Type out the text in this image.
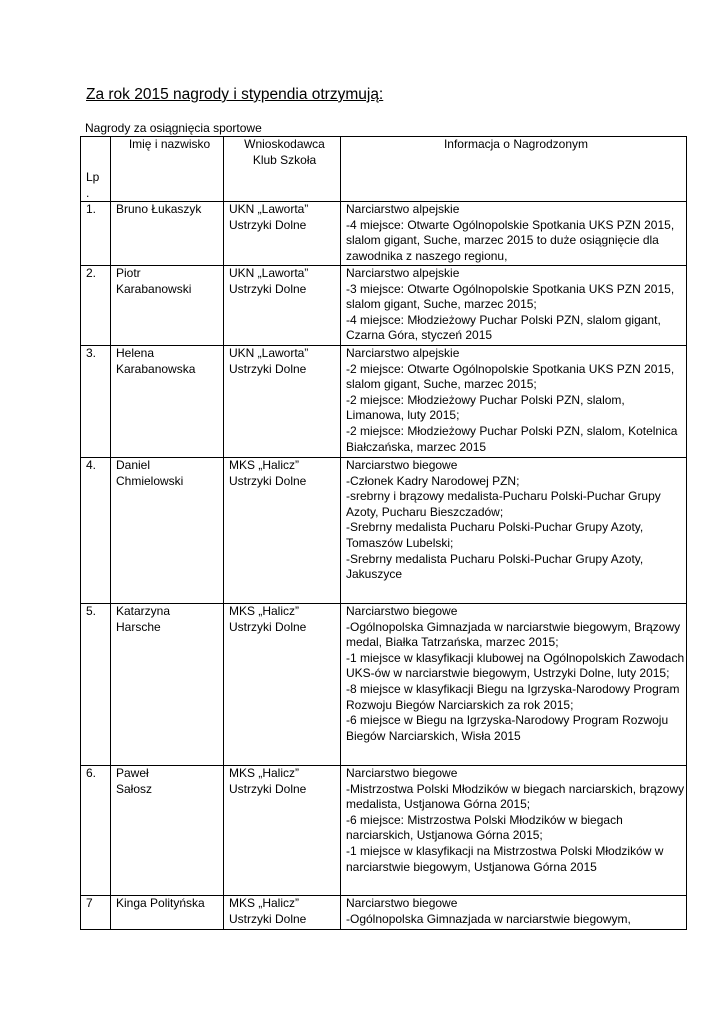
Za rok 2015 nagrody i stypendia otrzymują:
Nagrody za osiągnięcia sportowe
Lp
.	Imię i nazwisko	Wnioskodawca
Klub Szkoła	Informacja o Nagrodzonym
1.	Bruno Łukaszyk	UKN „Laworta”
Ustrzyki Dolne	Narciarstwo alpejskie
-4 miejsce: Otwarte Ogólnopolskie Spotkania UKS PZN 2015, slalom gigant, Suche, marzec 2015 to duże osiągnięcie dla zawodnika z naszego regionu,
2.	Piotr
Karabanowski	UKN „Laworta”
Ustrzyki Dolne	Narciarstwo alpejskie
-3 miejsce: Otwarte Ogólnopolskie Spotkania UKS PZN 2015, slalom gigant, Suche, marzec 2015;
-4 miejsce: Młodzieżowy Puchar Polski PZN, slalom gigant, Czarna Góra, styczeń 2015
3.	Helena
Karabanowska	UKN „Laworta”
Ustrzyki Dolne	Narciarstwo alpejskie
-2 miejsce: Otwarte Ogólnopolskie Spotkania UKS PZN 2015, slalom gigant, Suche, marzec 2015;
-2 miejsce: Młodzieżowy Puchar Polski PZN, slalom, Limanowa, luty 2015;
-2 miejsce: Młodzieżowy Puchar Polski PZN, slalom, Kotelnica Białczańska, marzec 2015
4.	Daniel
Chmielowski	MKS „Halicz”
Ustrzyki Dolne	Narciarstwo biegowe
-Członek Kadry Narodowej PZN;
-srebrny i brązowy medalista-Pucharu Polski-Puchar Grupy Azoty, Pucharu Bieszczadów;
-Srebrny medalista Pucharu Polski-Puchar Grupy Azoty, Tomaszów Lubelski;
-Srebrny medalista Pucharu Polski-Puchar Grupy Azoty, Jakuszyce
5.	Katarzyna
Harsche	MKS „Halicz”
Ustrzyki Dolne	Narciarstwo biegowe
-Ogólnopolska Gimnazjada w narciarstwie biegowym, Brązowy medal, Białka Tatrzańska, marzec 2015;
-1 miejsce w klasyfikacji klubowej na Ogólnopolskich Zawodach UKS-ów w narciarstwie biegowym, Ustrzyki Dolne, luty 2015;
-8 miejsce w klasyfikacji Biegu na Igrzyska-Narodowy Program Rozwoju Biegów Narciarskich za rok 2015;
-6 miejsce w Biegu na Igrzyska-Narodowy Program Rozwoju Biegów Narciarskich, Wisła 2015
6.	Paweł
Sałosz	MKS „Halicz”
Ustrzyki Dolne	Narciarstwo biegowe
-Mistrzostwa Polski Młodzików w biegach narciarskich, brązowy medalista, Ustjanowa Górna 2015;
-6 miejsce: Mistrzostwa Polski Młodzików w biegach narciarskich, Ustjanowa Górna 2015;
-1 miejsce w klasyfikacji na Mistrzostwa Polski Młodzików w narciarstwie biegowym, Ustjanowa Górna 2015
7	Kinga Polityńska	MKS „Halicz”
Ustrzyki Dolne	Narciarstwo biegowe
-Ogólnopolska Gimnazjada w narciarstwie biegowym,
